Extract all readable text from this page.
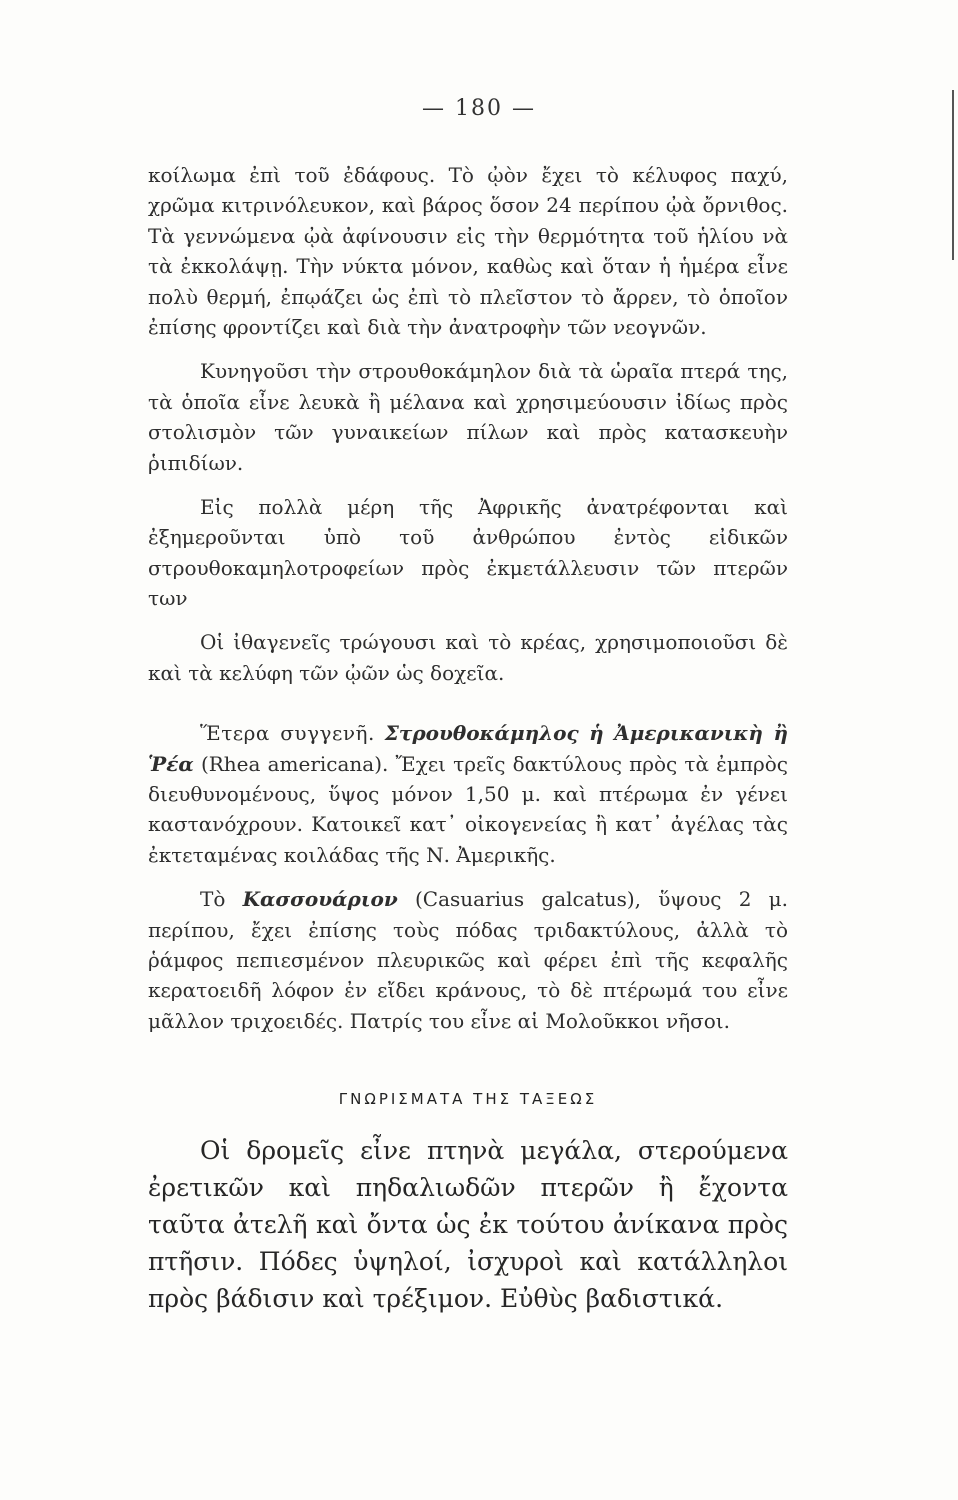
— 180 —

κοίλωμα ἐπὶ τοῦ ἐδάφους. Τὸ ᾠὸν ἔχει τὸ κέλυφος παχύ, χρῶμα κιτρινόλευκον, καὶ βάρος ὅσον 24 περίπου ᾠὰ ὄρνιθος. Τὰ γεννώμενα ᾠὰ ἀφίνουσιν εἰς τὴν θερμότητα τοῦ ἡλίου νὰ τὰ ἐκκολάψῃ. Τὴν νύκτα μόνον, καθὼς καὶ ὅταν ἡ ἡμέρα εἶνε πολὺ θερμή, ἐπῳάζει ὡς ἐπὶ τὸ πλεῖστον τὸ ἄρρεν, τὸ ὁποῖον ἐπίσης φροντίζει καὶ διὰ τὴν ἀνατροφὴν τῶν νεογνῶν.

Κυνηγοῦσι τὴν στρουθοκάμηλον διὰ τὰ ὡραῖα πτερά της, τὰ ὁποῖα εἶνε λευκὰ ἢ μέλανα καὶ χρησιμεύουσιν ἰδίως πρὸς στολισμὸν τῶν γυναικείων πίλων καὶ πρὸς κατασκευὴν ῥιπιδίων.

Εἰς πολλὰ μέρη τῆς Ἀφρικῆς ἀνατρέφονται καὶ ἐξημεροῦνται ὑπὸ τοῦ ἀνθρώπου ἐντὸς εἰδικῶν στρουθοκαμηλοτροφείων πρὸς ἐκμετάλλευσιν τῶν πτερῶν των

Οἱ ἰθαγενεῖς τρώγουσι καὶ τὸ κρέας, χρησιμοποιοῦσι δὲ καὶ τὰ κελύφη τῶν ᾠῶν ὡς δοχεῖα.

Ἕτερα συγγενῆ. Στρουθοκάμηλος ἡ Ἀμερικανικὴ ἢ Ῥέα (Rhea americana). Ἔχει τρεῖς δακτύλους πρὸς τὰ ἐμπρὸς διευθυνομένους, ὕψος μόνον 1,50 μ. καὶ πτέρωμα ἐν γένει καστανόχρουν. Κατοικεῖ κατ᾽ οἰκογενείας ἢ κατ᾽ ἀγέλας τὰς ἐκτεταμένας κοιλάδας τῆς Ν. Ἀμερικῆς.

Τὸ Κασσουάριον (Casuarius galcatus), ὕψους 2 μ. περίπου, ἔχει ἐπίσης τοὺς πόδας τριδακτύλους, ἀλλὰ τὸ ῥάμφος πεπιεσμένον πλευρικῶς καὶ φέρει ἐπὶ τῆς κεφαλῆς κερατοειδῆ λόφον ἐν εἴδει κράνους, τὸ δὲ πτέρωμά του εἶνε μᾶλλον τριχοειδές. Πατρίς του εἶνε αἱ Μολοῦκκοι νῆσοι.

ΓΝΩΡΙΣΜΑΤΑ ΤΗΣ ΤΑΞΕΩΣ

Οἱ δρομεῖς εἶνε πτηνὰ μεγάλα, στερούμενα ἐρετικῶν καὶ πηδαλιωδῶν πτερῶν ἢ ἔχοντα ταῦτα ἀτελῆ καὶ ὄντα ὡς ἐκ τούτου ἀνίκανα πρὸς πτῆσιν. Πόδες ὑψηλοί, ἰσχυροὶ καὶ κατάλληλοι πρὸς βάδισιν καὶ τρέξιμον. Εὐθὺς βαδιστικά.
